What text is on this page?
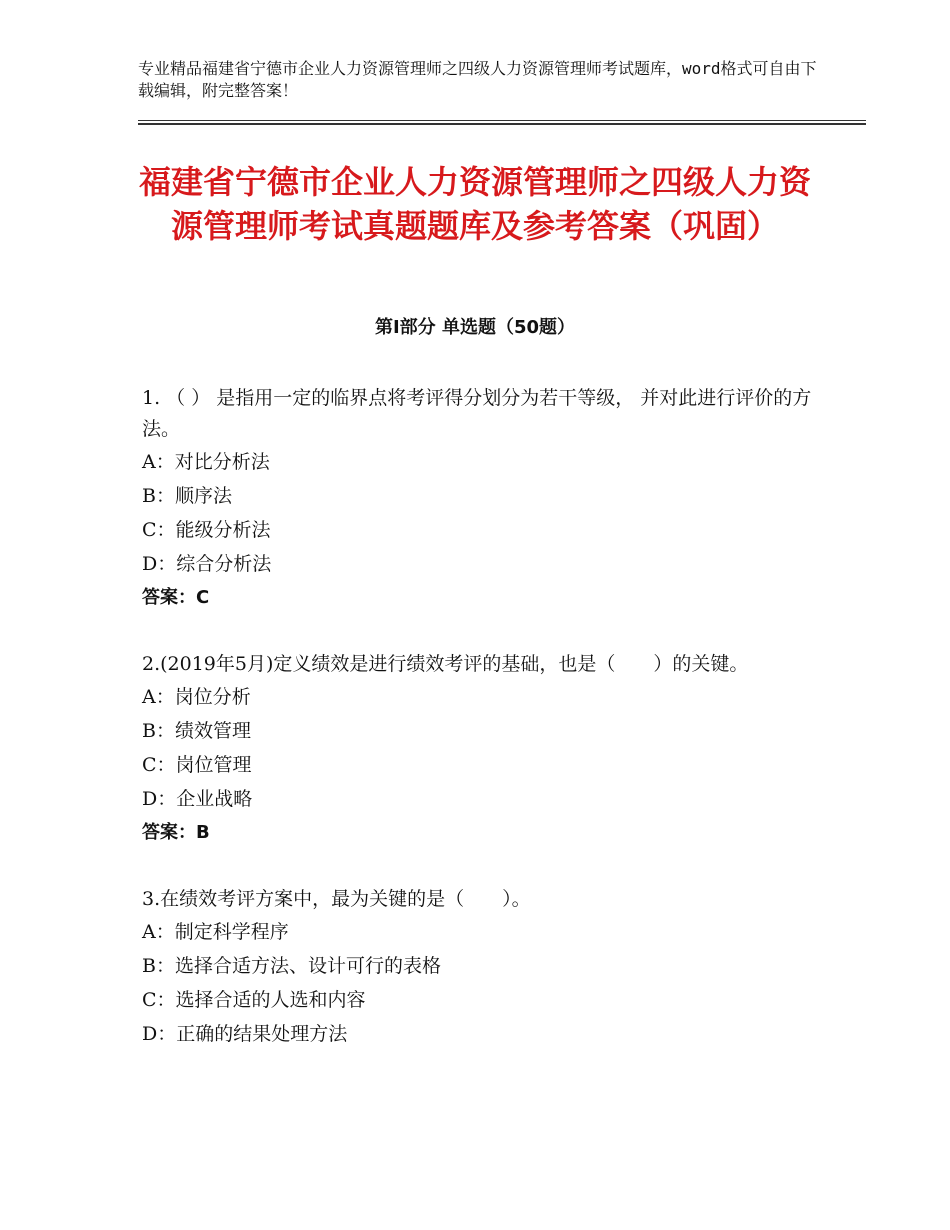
专业精品福建省宁德市企业人力资源管理师之四级人力资源管理师考试题库，word格式可自由下载编辑，附完整答案！
福建省宁德市企业人力资源管理师之四级人力资源管理师考试真题题库及参考答案（巩固）
第Ⅰ部分 单选题（50题）

1. （ ） 是指用一定的临界点将考评得分划分为若干等级， 并对此进行评价的方法。

A：对比分析法

B：顺序法

C：能级分析法

D：综合分析法

答案：C

2.(2019年5月)定义绩效是进行绩效考评的基础，也是（　　）的关键。

A：岗位分析

B：绩效管理

C：岗位管理

D：企业战略

答案：B

3.在绩效考评方案中，最为关键的是（　　）。

A：制定科学程序

B：选择合适方法、设计可行的表格

C：选择合适的人选和内容

D：正确的结果处理方法
